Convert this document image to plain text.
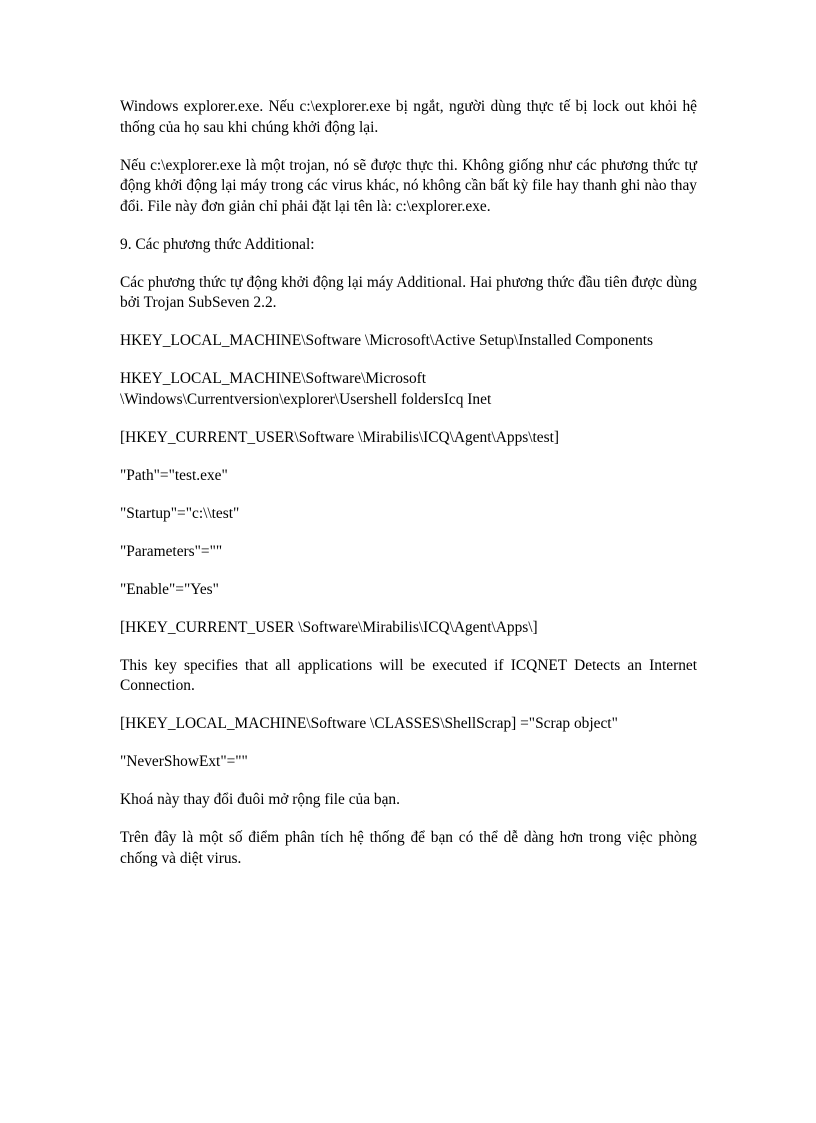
Windows explorer.exe. Nếu c:\explorer.exe bị ngắt, người dùng thực tế bị lock out khỏi hệ thống của họ sau khi chúng khởi động lại.

Nếu c:\explorer.exe là một trojan, nó sẽ được thực thi. Không giống như các phương thức tự động khởi động lại máy trong các virus khác, nó không cần bất kỳ file hay thanh ghi nào thay đổi. File này đơn giản chỉ phải đặt lại tên là: c:\explorer.exe.

9. Các phương thức Additional:

Các phương thức tự động khởi động lại máy Additional. Hai phương thức đầu tiên được dùng bởi Trojan SubSeven 2.2.

HKEY_LOCAL_MACHINE\Software \Microsoft\Active Setup\Installed Components

HKEY_LOCAL_MACHINE\Software\Microsoft
\Windows\Currentversion\explorer\Usershell foldersIcq Inet

[HKEY_CURRENT_USER\Software \Mirabilis\ICQ\Agent\Apps\test]

"Path"="test.exe"

"Startup"="c:\\test"

"Parameters"=""

"Enable"="Yes"

[HKEY_CURRENT_USER \Software\Mirabilis\ICQ\Agent\Apps\]

This key specifies that all applications will be executed if ICQNET Detects an Internet Connection.

[HKEY_LOCAL_MACHINE\Software \CLASSES\ShellScrap] ="Scrap object"

"NeverShowExt"=""

Khoá này thay đổi đuôi mở rộng file của bạn.

Trên đây là một số điểm phân tích hệ thống để bạn có thể dễ dàng hơn trong việc phòng chống và diệt virus.
